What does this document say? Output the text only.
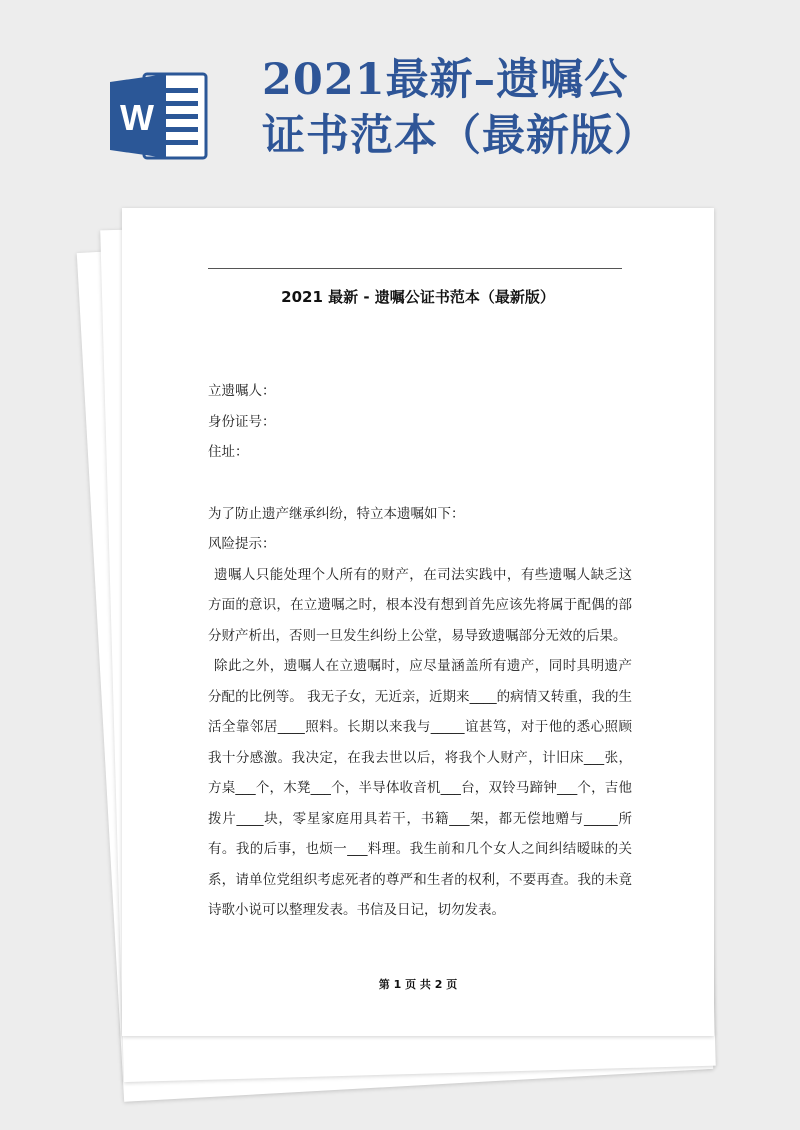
W
2021最新–遗嘱公
证书范本（最新版）
2021 最新 - 遗嘱公证书范本（最新版）

立遗嘱人：

身份证号：

住址：

为了防止遗产继承纠纷，特立本遗嘱如下：

风险提示：

遗嘱人只能处理个人所有的财产，在司法实践中，有些遗嘱人缺乏这方面的意识，在立遗嘱之时，根本没有想到首先应该先将属于配偶的部分财产析出，否则一旦发生纠纷上公堂，易导致遗嘱部分无效的后果。

除此之外，遗嘱人在立遗嘱时，应尽量涵盖所有遗产，同时具明遗产分配的比例等。 我无子女，无近亲，近期来____的病情又转重，我的生活全靠邻居____照料。长期以来我与_____谊甚笃，对于他的悉心照顾我十分感激。我决定，在我去世以后，将我个人财产，计旧床___张，方桌___个，木凳___个，半导体收音机___台，双铃马蹄钟___个，吉他拨片____块，零星家庭用具若干，书籍___架，都无偿地赠与_____所有。我的后事，也烦一___料理。我生前和几个女人之间纠结暧昧的关系，请单位党组织考虑死者的尊严和生者的权利，不要再查。我的未竟诗歌小说可以整理发表。书信及日记，切勿发表。

第 1 页 共 2 页
